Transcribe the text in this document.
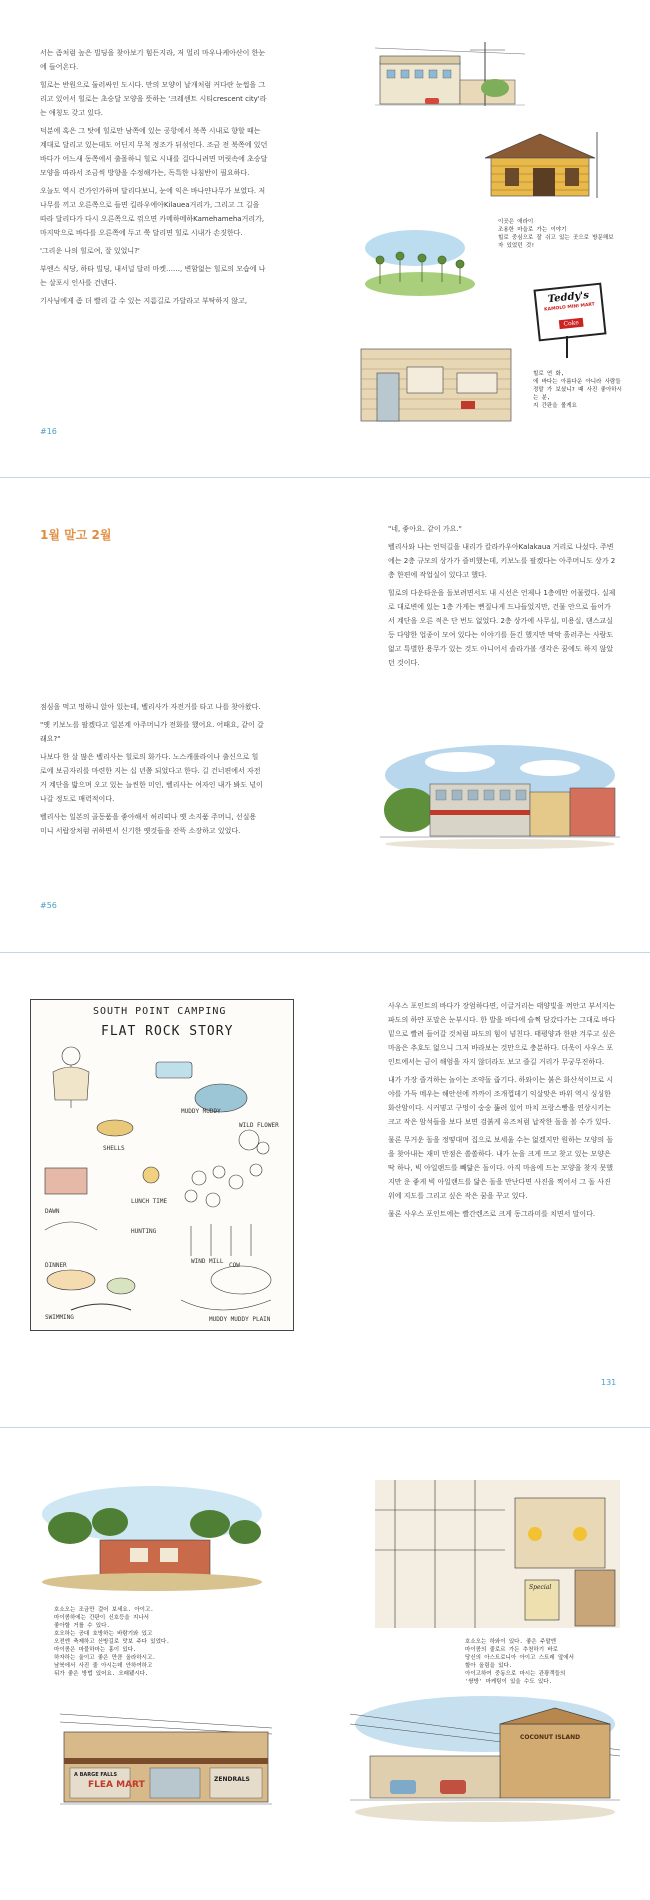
서는 좀처럼 높은 빌딩을 찾아보기 힘든지라, 저 멀리 마우나케아산이 한눈에 들어온다.

힐로는 반원으로 둘러싸인 도시다. 만의 모양이 날개처럼 커다란 눈썹을 그리고 있어서 힐로는 초승달 모양을 뜻하는 '크레센트 시티crescent city'라는 애칭도 갖고 있다.

덕분에 혹은 그 탓에 힐로만 남쪽에 있는 공항에서 북쪽 시내로 향할 때는 계대로 달리고 있는데도 어딘지 무척 정조가 뒤섞인다. 조금 전 북쪽에 있던 바다가 어느새 동쪽에서 출몰하니 힐로 시내를 걸다니려면 머릿속에 초승달 모양을 따라서 조금씩 방향을 수정해가는, 독특한 나침반이 필요하다.

오늘도 역시 건가인가하며 달리다보니, 눈에 익은 바나얀나무가 보였다. 저 나무를 끼고 오른쪽으로 들면 킬라우에아Kilauea거리가, 그리고 그 길을 따라 달리다가 다시 오른쪽으로 꺾으면 카메하메하Kamehameha거리가, 마지막으로 바다를 오른쪽에 두고 쭉 달리면 힐로 시내가 손짓한다.

'그리운 나의 힐로여, 잘 있었니?'

부엔스 식당, 하타 빌딩, 내서널 달러 마켓……, 변함없는 힐로의 모습에 나는 살포시 인사를 건넨다.

기사님에게 좀 더 빨리 갈 수 있는 지름길로 가달라고 부탁하지 않고,

#16
이곳은 애라이
조용한 마을로 가는 이야기
힐로 중심으로 잘 쉬고 있는 곳으로 방문해보자 있었던 것!
Teddy's
KAMOLO MINI MART
Coke
힐로 연 화,
에 바다는 아름다운 아니라 사람들
정말 가 보셨니? 때 사진 좋아하시는 분,
지 간판을 볼게요
1월 말고 2월

점심을 먹고 멍하니 앉아 있는데, 벨리사가 자전거를 타고 나를 찾아왔다.

"옛 키보노를 팔겠다고 일본계 아주머니가 전화를 했어요. 어때요, 같이 갈래요?"

나보다 한 살 많은 벨리사는 힐로의 화가다. 노스캐롤라이나 출신으로 힐로에 보금자리를 마련한 지는 십 년쯤 되었다고 한다. 길 건너편에서 자전거 계단을 밟으며 오고 있는 늘씬한 미인, 벨리사는 여자인 내가 봐도 넋이 나갈 정도로 매력적이다.

벨리사는 일본의 골동품을 좋아해서 허리띠나 옛 소지품 주머니, 선실용 미니 서랍장처럼 귀하면서 신기한 옛것들을 잔뜩 소장하고 있었다.

#56

"네, 좋아요. 같이 가요."

벨리사와 나는 언덕길을 내리가 칼라카우아Kalakaua 거리로 나섰다. 주변에는 2층 규모의 상가가 즐비했는데, 키보노를 팔겠다는 아주머니도 상가 2층 한편에 작업실이 있다고 했다.

힐로의 다운타운을 돌보려면서도 내 시선은 언제나 1층에만 어물렸다. 실제로 대로변에 있는 1층 가게는 뻔질나게 드나들었지만, 건물 안으로 들어가서 계단을 오른 적은 단 번도 없었다. 2층 상가에 사무실, 미용실, 댄스교실 등 다양한 업종이 모여 있다는 이야기를 듣긴 했지만 막막 흘러주는 사람도 없고 특별한 용무가 있는 것도 아니어서 솔라가볼 생각은 꿈에도 하지 않았던 것이다.

SOUTH POINT CAMPING
FLAT ROCK STORY
SHELLS
WILD FLOWER
LUNCH TIME
DAWN
HUNTING
WIND MILL
DINNER	COW
SWIMMING	MUDDY MUDDY PLAIN
MUDDY MUDDY

사우스 포인트의 바다가 장엄하다면, 이글거리는 태양빛을 껴안고 부서지는 파도의 하얀 포말은 눈부시다. 한 발을 바다에 슬쩍 담갔다가는 그대로 바다 밑으로 빨려 들어갈 것처럼 파도의 힘이 넘친다. 태평양과 한판 겨루고 싶은 마음은 추호도 없으니 그저 바라보는 것만으로 충분하다. 더욱이 사우스 포인트에서는 금이 해엄을 자지 않더라도 보고 즐길 거리가 무궁무진하다.

내가 가장 즐겨하는 놀이는 조약돌 줍기다. 하와이는 붉은 화산석이므로 시야를 가득 메우는 해안선에 까까이 조개껍데기 익살맞은 바위 역시 싱싱한 화산암이다. 시커멓고 구멍이 숭숭 뚫려 있어 마치 프랑스빵을 연상시키는 크고 작은 암석들을 보다 보면 검붉게 유즈처럼 납작한 돌을 볼 수가 있다.

물론 무거운 돌을 정떻대며 집으로 보세울 수는 없겠지만 원하는 모양의 돌을 찾아내는 재미 만점은 쏠쏠하다. 내가 눈을 크게 뜨고 찾고 있는 모양은 딱 하나, 빅 아일랜드를 빼닮은 돌이다. 아직 마음에 드는 모양을 찾지 못했지만 운 좋게 빅 아일랜드를 닮은 돌을 만난다면 사진을 찍어서 그 돌 사진 위에 지도를 그리고 싶은 작은 꿈을 꾸고 있다.

물론 사우스 포인트에는 빨간렌즈로 크게 동그라미를 치면서 말이다.

131
호소오는 조금만 걸어 보세요. 아이고.
마이콤하에는 간판이 신호등을 지나서
좋아할 거를 수 있다.
호오하는 공대 호방하는 바람기와 있고
오전엔 축제하고 산방길로 맛보 주다 있었다.
마이콤은 마블하마는 홍이 있다.
하자하는 울이고 좋은 만큼 올라하시고.
남북에서 사진 줄 아시는데 안하여하고
뒤가 좋은 방법 있어요. 오래됐시다.
A BARGE FALLS
FLEA MART
ZENDRALS
Special
호소오는 하와이 있다. 좋은 주말엔
마이콤의 줄로르 가든 추천하기 바로
당신의 아스트로니아 아이고 스트레 앞에서
할아 올림을 있다.
아이고하여 중동으로 마시는 관광객들의
'쌍방' 마케팅이 있을 수도 있다.
COCONUT ISLAND
